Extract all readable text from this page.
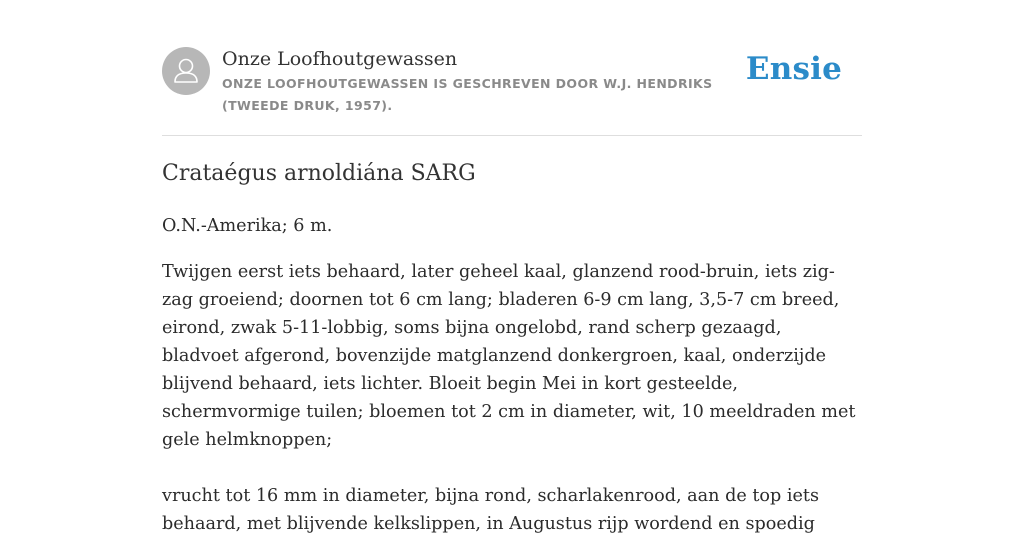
Onze Loofhoutgewassen

ONZE LOOFHOUTGEWASSEN IS GESCHREVEN DOOR W.J. HENDRIKS (TWEEDE DRUK, 1957).

Ensie
Crataégus arnoldiána SARG

O.N.-Amerika; 6 m.

Twijgen eerst iets behaard, later geheel kaal, glanzend rood-bruin, iets zig-zag groeiend; doornen tot 6 cm lang; bladeren 6-9 cm lang, 3,5-7 cm breed, eirond, zwak 5-11-lobbig, soms bijna ongelobd, rand scherp gezaagd, bladvoet afgerond, bovenzijde matglanzend donkergroen, kaal, onderzijde blijvend behaard, iets lichter. Bloeit begin Mei in kort gesteelde, schermvormige tuilen; bloemen tot 2 cm in diameter, wit, 10 meeldraden met gele helmknoppen;

vrucht tot 16 mm in diameter, bijna rond, scharlakenrood, aan de top iets behaard, met blijvende kelkslippen, in Augustus rijp wordend en spoedig
